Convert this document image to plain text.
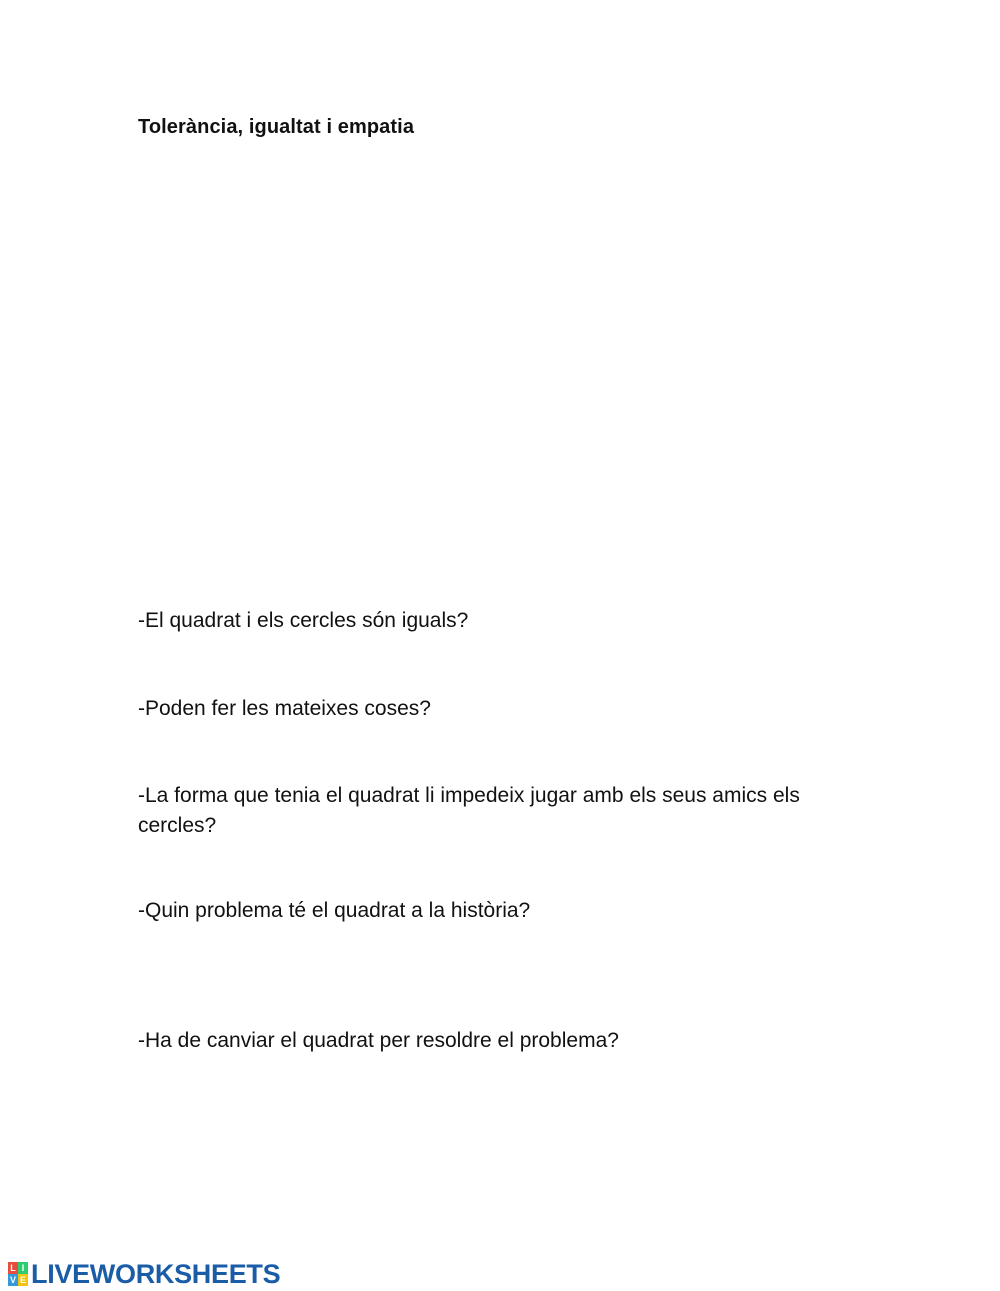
Tolerància, igualtat i empatia
-El quadrat i els cercles són iguals?
-Poden fer les mateixes coses?
-La forma que tenia el quadrat li impedeix jugar amb els seus amics els cercles?
-Quin problema té el quadrat a la història?
-Ha de canviar el quadrat per resoldre el problema?
L I
V E LIVEWORKSHEETS
